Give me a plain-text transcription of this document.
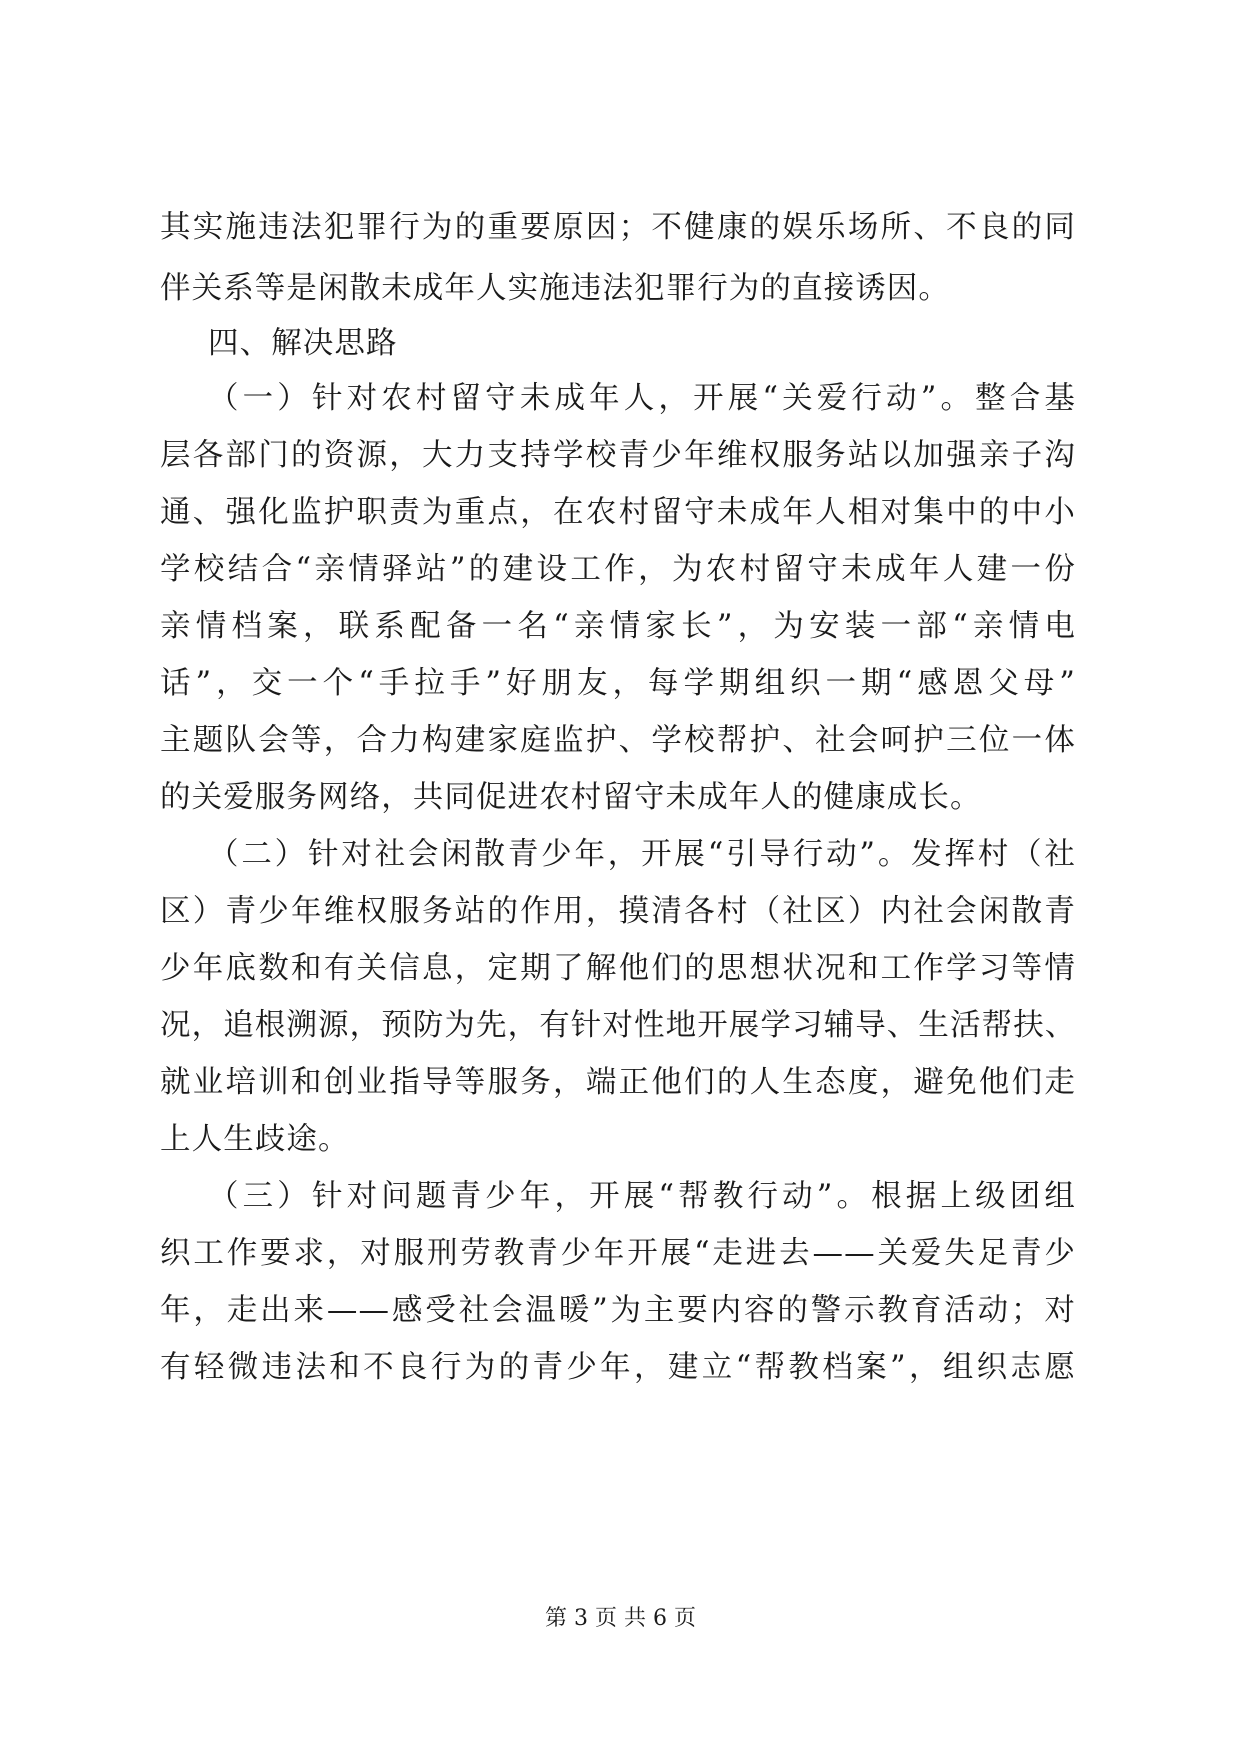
其实施违法犯罪行为的重要原因；不健康的娱乐场所、不良的同
伴关系等是闲散未成年人实施违法犯罪行为的直接诱因。
四、解决思路
（一）针对农村留守未成年人，开展“关爱行动”。整合基
层各部门的资源，大力支持学校青少年维权服务站以加强亲子沟
通、强化监护职责为重点，在农村留守未成年人相对集中的中小
学校结合“亲情驿站”的建设工作，为农村留守未成年人建一份
亲情档案，联系配备一名“亲情家长”，为安装一部“亲情电
话”，交一个“手拉手”好朋友，每学期组织一期“感恩父母”
主题队会等，合力构建家庭监护、学校帮护、社会呵护三位一体
的关爱服务网络，共同促进农村留守未成年人的健康成长。
（二）针对社会闲散青少年，开展“引导行动”。发挥村（社
区）青少年维权服务站的作用，摸清各村（社区）内社会闲散青
少年底数和有关信息，定期了解他们的思想状况和工作学习等情
况，追根溯源，预防为先，有针对性地开展学习辅导、生活帮扶、
就业培训和创业指导等服务，端正他们的人生态度，避免他们走
上人生歧途。
（三）针对问题青少年，开展“帮教行动”。根据上级团组
织工作要求，对服刑劳教青少年开展“走进去——关爱失足青少
年，走出来——感受社会温暖”为主要内容的警示教育活动；对
有轻微违法和不良行为的青少年，建立“帮教档案”，组织志愿
第 3 页 共 6 页
